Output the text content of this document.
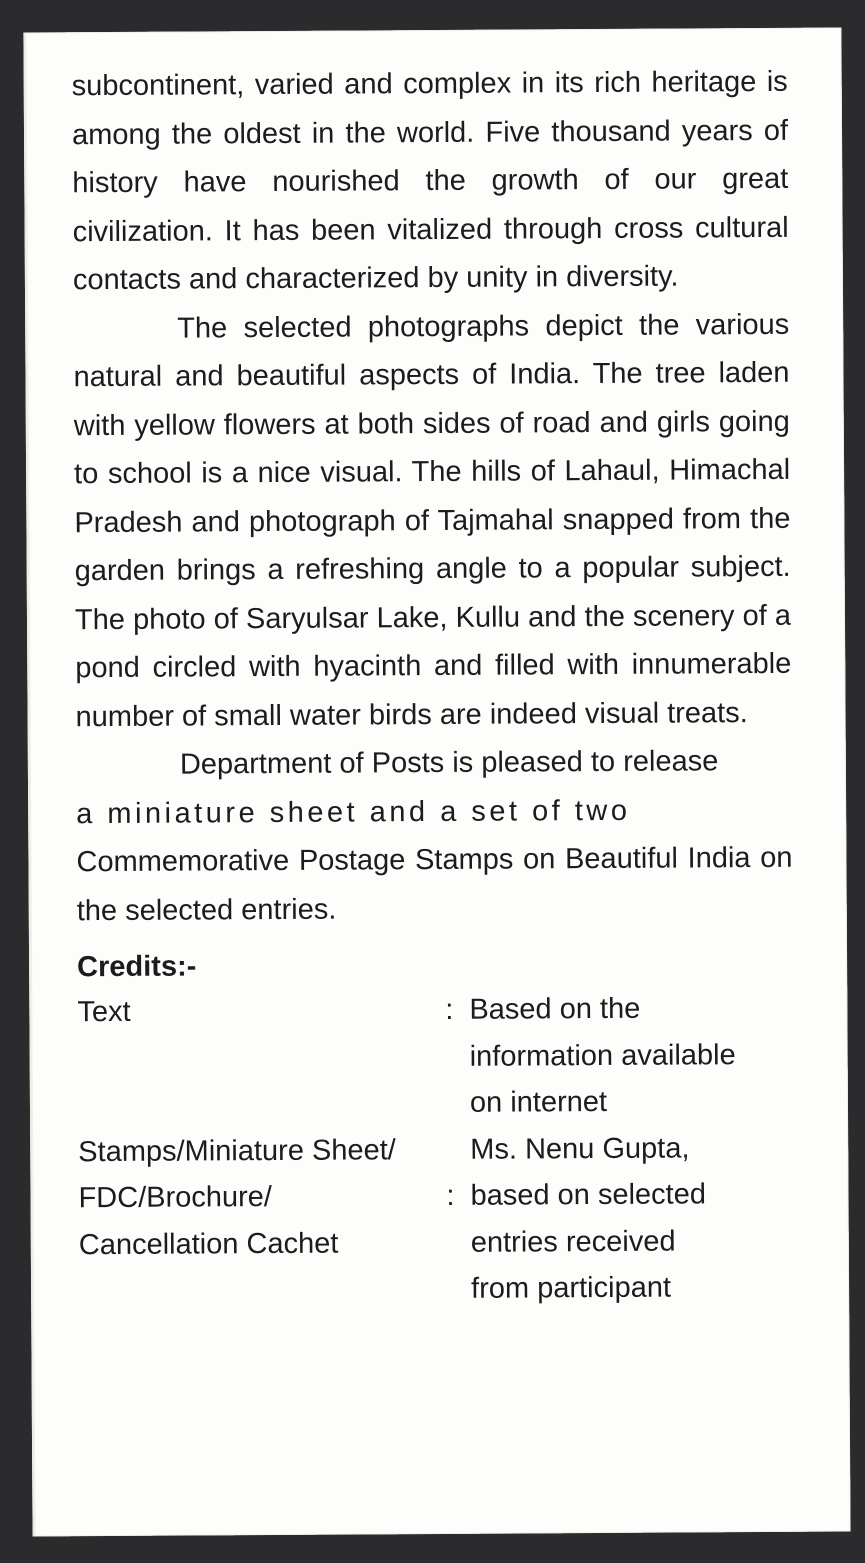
subcontinent, varied and complex in its rich heritage is among the oldest in the world. Five thousand years of history have nourished the growth of our great civilization. It has been vitalized through cross cultural contacts and characterized by unity in diversity.

The selected photographs depict the various natural and beautiful aspects of India. The tree laden with yellow flowers at both sides of road and girls going to school is a nice visual. The hills of Lahaul, Himachal Pradesh and photograph of Tajmahal snapped from the garden brings a refreshing angle to a popular subject. The photo of Saryulsar Lake, Kullu and the scenery of a pond circled with hyacinth and filled with innumerable number of small water birds are indeed visual treats.

Department of Posts is pleased to release

a miniature sheet and a set of two

Commemorative Postage Stamps on Beautiful India on the selected entries.

Credits:-
Text	: Based on the
information available
on internet
Stamps/Miniature Sheet/
FDC/Brochure/
Cancellation Cachet

:
Ms. Nenu Gupta,
based on selected
entries received
from participant
